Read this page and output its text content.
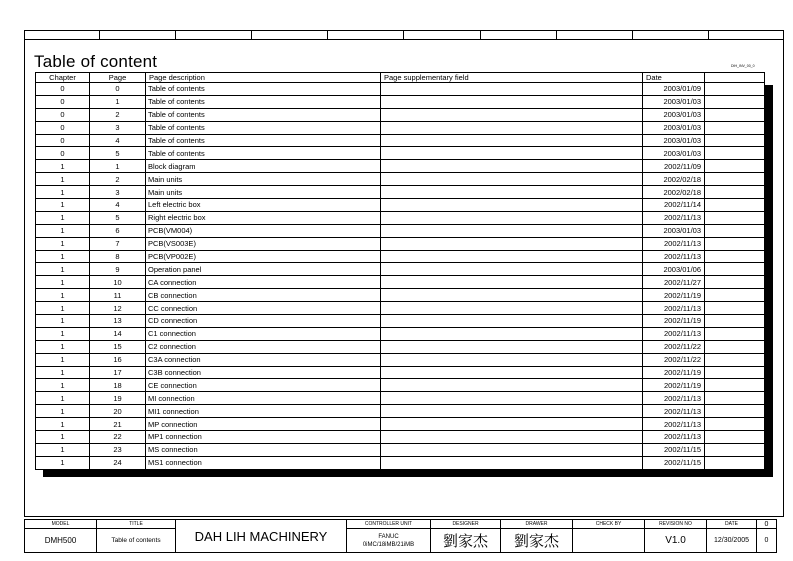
Table of content	DIH_INV_00_0
Chapter	Page	Page description	Page supplementary field	Date	
0	0	Table of contents		2003/01/09	
0	1	Table of contents		2003/01/03	
0	2	Table of contents		2003/01/03	
0	3	Table of contents		2003/01/03	
0	4	Table of contents		2003/01/03	
0	5	Table of contents		2003/01/03	
1	1	Block diagram		2002/11/09	
1	2	Main units		2002/02/18	
1	3	Main units		2002/02/18	
1	4	Left electric box		2002/11/14	
1	5	Right electric box		2002/11/13	
1	6	PCB(VM004)		2003/01/03	
1	7	PCB(VS003E)		2002/11/13	
1	8	PCB(VP002E)		2002/11/13	
1	9	Operation panel		2003/01/06	
1	10	CA connection		2002/11/27	
1	11	CB connection		2002/11/19	
1	12	CC connection		2002/11/13	
1	13	CD connection		2002/11/19	
1	14	C1 connection		2002/11/13	
1	15	C2 connection		2002/11/22	
1	16	C3A connection		2002/11/22	
1	17	C3B connection		2002/11/19	
1	18	CE connection		2002/11/19	
1	19	MI connection		2002/11/13	
1	20	MI1 connection		2002/11/13	
1	21	MP connection		2002/11/13	
1	22	MP1 connection		2002/11/13	
1	23	MS connection		2002/11/15	
1	24	MS1 connection		2002/11/15	
MODEL	TITLE	DAH LIH MACHINERY	CONTROLLER UNIT	DESIGNER	DRAWER	CHECK BY	REVISION NO	DATE	0
DMH500	Table of contents		FANUC
0iMC/18iMB/21iMB	劉家杰	劉家杰		V1.0	12/30/2005	0
